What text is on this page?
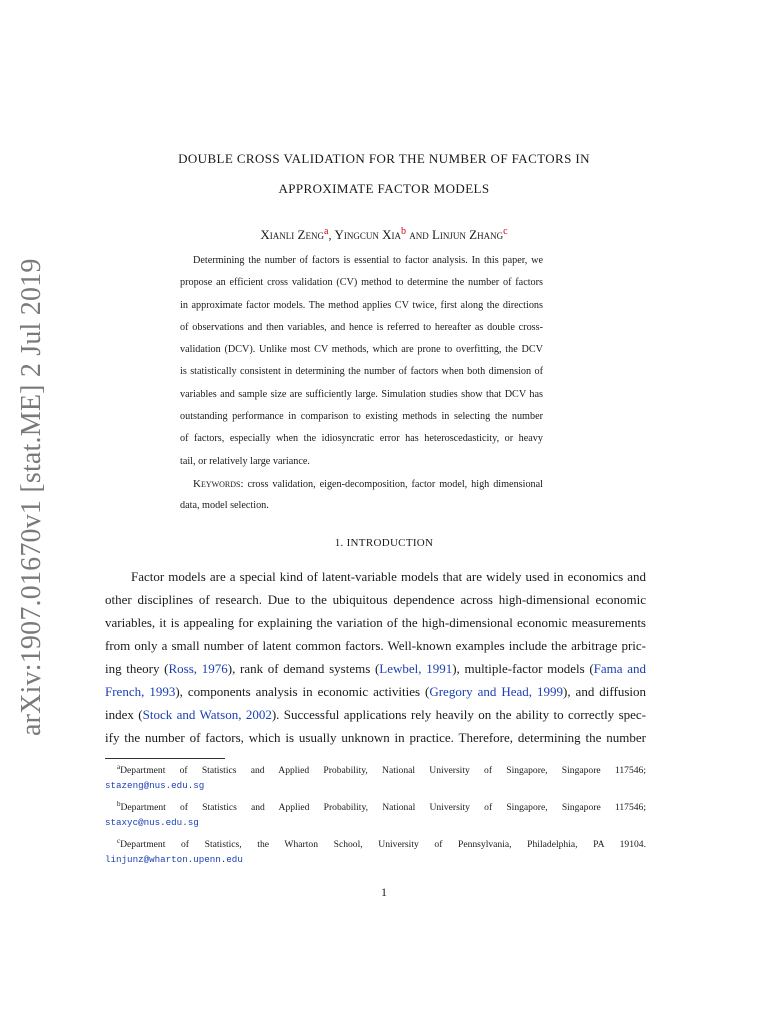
arXiv:1907.01670v1 [stat.ME] 2 Jul 2019
DOUBLE CROSS VALIDATION FOR THE NUMBER OF FACTORS IN
APPROXIMATE FACTOR MODELS
Xianli Zeng$^a$, Yingcun Xia$^b$ and Linjun Zhang$^c$
Determining the number of factors is essential to factor analysis. In this paper, we
propose an efficient cross validation (CV) method to determine the number of factors
in approximate factor models. The method applies CV twice, first along the directions
of observations and then variables, and hence is referred to hereafter as double cross-
validation (DCV). Unlike most CV methods, which are prone to overfitting, the DCV
is statistically consistent in determining the number of factors when both dimension of
variables and sample size are sufficiently large. Simulation studies show that DCV has
outstanding performance in comparison to existing methods in selecting the number
of factors, especially when the idiosyncratic error has heteroscedasticity, or heavy
tail, or relatively large variance.
Keywords: cross validation, eigen-decomposition, factor model, high dimensional
data, model selection.
1. INTRODUCTION
Factor models are a special kind of latent-variable models that are widely used in economics and
other disciplines of research. Due to the ubiquitous dependence across high-dimensional economic
variables, it is appealing for explaining the variation of the high-dimensional economic measurements
from only a small number of latent common factors. Well-known examples include the arbitrage pric-
ing theory (Ross, 1976), rank of demand systems (Lewbel, 1991), multiple-factor models (Fama and
French, 1993), components analysis in economic activities (Gregory and Head, 1999), and diffusion
index (Stock and Watson, 2002). Successful applications rely heavily on the ability to correctly spec-
ify the number of factors, which is usually unknown in practice. Therefore, determining the number
$^a$Department of Statistics and Applied Probability, National University of Singapore, Singapore 117546;
stazeng@nus.edu.sg
$^b$Department of Statistics and Applied Probability, National University of Singapore, Singapore 117546;
staxyc@nus.edu.sg
$^c$Department of Statistics, the Wharton School, University of Pennsylvania, Philadelphia, PA 19104.
linjunz@wharton.upenn.edu
1
